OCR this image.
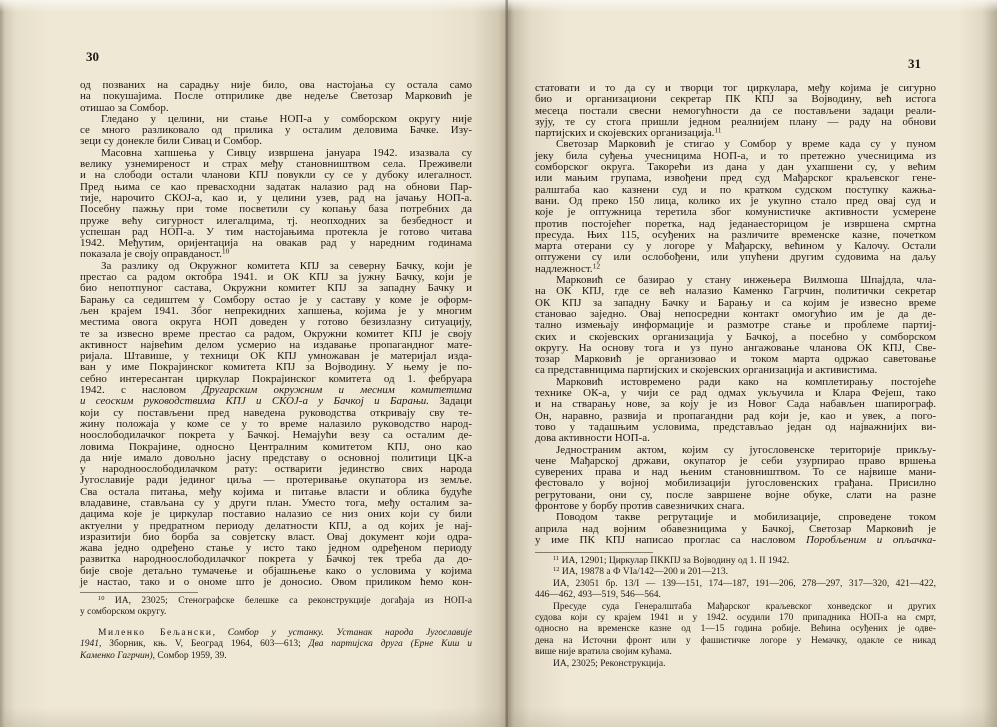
30
од позваних на сарадњу није било, ова настојања су остала само
на покушајима. После отприлике две недеље Светозар Марковић је
отишао за Сомбор.
Гледано у целини, ни стање НОП-а у сомборском округу није
се много разликовало од прилика у осталим деловима Бачке. Изу-
зеци су донекле били Сивац и Сомбор.
Масовна хапшења у Сивцу извршена јануара 1942. изазвала су
велику узнемиреност и страх међу становништвом села. Преживели
и на слободи остали чланови КПЈ повукли су се у дубоку илегалност.
Пред њима се као превасходни задатак налазио рад на обнови Пар-
тије, нарочито СКОЈ-а, као и, у целини узев, рад на јачању НОП-а.
Посебну пажњу при томе посветили су копању база потребних да
пруже већу сигурност илегалцима, тј. неопходних за безбедност и
успешан рад НОП-а. У тим настојањима протекла је готово читава
1942. Међутим, оријентација на овакав рад у наредним годинама
показала је своју оправданост.$^{10}$
За разлику од Окружног комитета КПЈ за северну Бачку, који је
престао са радом октобра 1941. и ОК КПЈ за јужну Бачку, који је
био непотпуног састава, Окружни комитет КПЈ за западну Бачку и
Барању са седиштем у Сомбору остао је у саставу у коме је оформ-
љен крајем 1941. Због непрекидних хапшења, којима је у многим
местима овога округа НОП доведен у готово безизлазну ситуацију,
те за извесно време престао са радом, Окружни комитет КПЈ је своју
активност највећим делом усмерио на издавање пропагандног мате-
ријала. Штавише, у техници ОК КПЈ умножаван је материјал изда-
ван у име Покрајинског комитета КПЈ за Војводину. У њему је по-
себно интересантан циркулар Покрајинског комитета од 1. фебруара
1942. с насловом Другарским окружним и месним комитетима
и сеоским руководствима КПЈ и СКОЈ-а у Бачкој и Барањи. Задаци
који су постављени пред наведена руководства откривају сву те-
жину положаја у коме се у то време налазило руководство народ-
ноослободилачког покрета у Бачкој. Немајући везу са осталим де-
ловима Покрајине, односно Централним комитетом КПЈ, оно као
да није имало довољно јасну представу о основној политици ЦК-а
у народноослободилачком рату: остварити јединство свих народа
Југославије ради јединог циља — протеривање окупатора из земље.
Сва остала питања, међу којима и питање власти и облика будуће
владавине, стављана су у други план. Уместо тога, међу осталим за-
дацима које је циркулар поставио налазио се низ оних који су били
актуелни у предратном периоду делатности КПЈ, а од којих је нај-
изразитији био борба за совјетску власт. Овај документ који одра-
жава једно одређено стање у исто тако једном одређеном периоду
развитка народноослободилачког покрета у Бачкој тек треба да до-
бије своје детаљно тумачење и објашњење како о условима у којима
је настао, тако и о ономе што је доносио. Овом приликом ћемо кон-
$^{10}$ ИА, 23025; Стенографске белешке са реконструкције догађаја из НОП-а
у сомборском округу.
Миленко Бељански, Сомбор у устанку. Устанак народа Југославије
1941, Зборник, књ. V, Београд 1964, 603—613; Два партијска друга (Ерне Киш и
Каменко Гагрчин), Сомбор 1959, 39.
31
статовати и то да су и творци тог циркулара, међу којима је сигурно
био и организациони секретар ПК КПЈ за Војводину, већ истога
месеца постали свесни немогућности да се постављени задаци реали-
зују, те су стога пришли једном реалнијем плану — раду на обнови
партијских и скојевских организација.$^{11}$
Светозар Марковић је стигао у Сомбор у време када су у пуном
јеку била суђења учесницима НОП-а, и то претежно учесницима из
сомборског округа. Такорећи из дана у дан ухапшени су, у већим
или мањим групама, извођени пред суд Мађарског краљевског гене-
ралштаба као казнени суд и по кратком судском поступку кажња-
вани. Од преко 150 лица, колико их је укупно стало пред овај суд и
које је оптужница теретила због комунистичке активности усмерене
против постојећег поретка, над једанаесторицом је извршена смртна
пресуда. Њих 115, осуђених на различите временске казне, почетком
марта отерани су у логоре у Мађарску, већином у Калочу. Остали
оптужени су или ослобођени, или упућени другим судовима на даљу
надлежност.$^{12}$
Марковић се базирао у стану инжењера Вилмоша Шпајдла, чла-
на ОК КПЈ, где се већ налазио Каменко Гагрчин, политички секретар
ОК КПЈ за западну Бачку и Барању и са којим је извесно време
становао заједно. Овај непосредни контакт омогућио им је да де-
тално измењају информације и размотре стање и проблеме партиј-
ских и скојевских организација у Бачкој, а посебно у сомборском
округу. На основу тога и уз пуно ангажовање чланова ОК КПЈ, Све-
тозар Марковић је организовао и током марта одржао саветовање
са представницима партијских и скојевских организација и активистима.
Марковић истовремено ради како на комплетирању постојеће
технике ОК-а, у чији се рад одмах укључила и Клара Фејеш, тако
и на стварању нове, за коју је из Новог Сада набављен шапирограф.
Он, наравно, развија и пропагандни рад који је, као и увек, а пого-
тово у тадашњим условима, представљао један од најважнијих ви-
дова активности НОП-а.
Једностраним актом, којим су југословенске територије прикљу-
чене Мађарској држави, окупатор је себи узурпирао право вршења
суверених права и над њеним становништвом. То се највише мани-
фестовало у војној мобилизацији југословенских грађана. Присилно
регрутовани, они су, после завршене војне обуке, слати на разне
фронтове у борбу против савезничких снага.
Поводом такве регрутације и мобилизације, спроведене током
априла над војним обавезницима у Бачкој, Светозар Марковић је
у име ПК КПЈ написао проглас са насловом Поробљеним и опљачка-
$^{11}$ ИА, 12901; Циркулар ПККПЈ за Војводину од 1. II 1942.
$^{12}$ ИА, 19878 а Ф VIa/142—200 и 201—213.
ИА, 23051 бр. 13/I — 139—151, 174—187, 191—206, 278—297, 317—320, 421—422,
446—462, 493—519, 546—564.
Пресуде суда Генералштаба Мађарског краљевског хонведског и других
судова који су крајем 1941 и у 1942. осудили 170 припадника НОП-а на смрт,
односно на временске казне од 1—15 година робије. Већина осуђених је одве-
дена на Источни фронт или у фашистичке логоре у Немачку, одакле се никад
више није вратила својим кућама.
ИА, 23025; Реконструкција.
